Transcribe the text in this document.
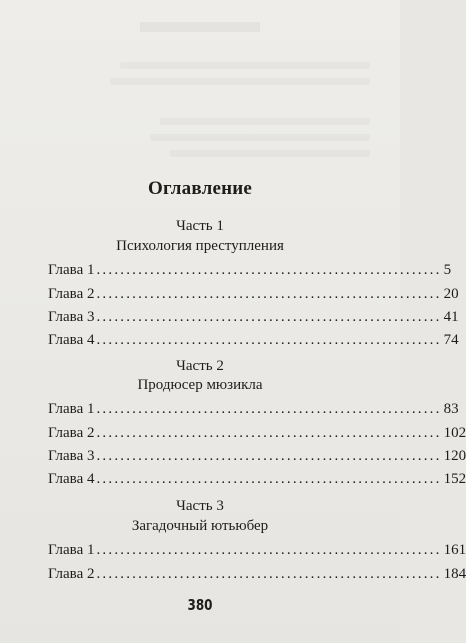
Оглавление
Часть 1
Психология преступления
Глава 1 .......................................................... 5
Глава 2 .......................................................... 20
Глава 3 .......................................................... 41
Глава 4 .......................................................... 74
Часть 2
Продюсер мюзикла
Глава 1 .......................................................... 83
Глава 2 .......................................................... 102
Глава 3 .......................................................... 120
Глава 4 .......................................................... 152
Часть 3
Загадочный ютьюбер
Глава 1 .......................................................... 161
Глава 2 .......................................................... 184
380
